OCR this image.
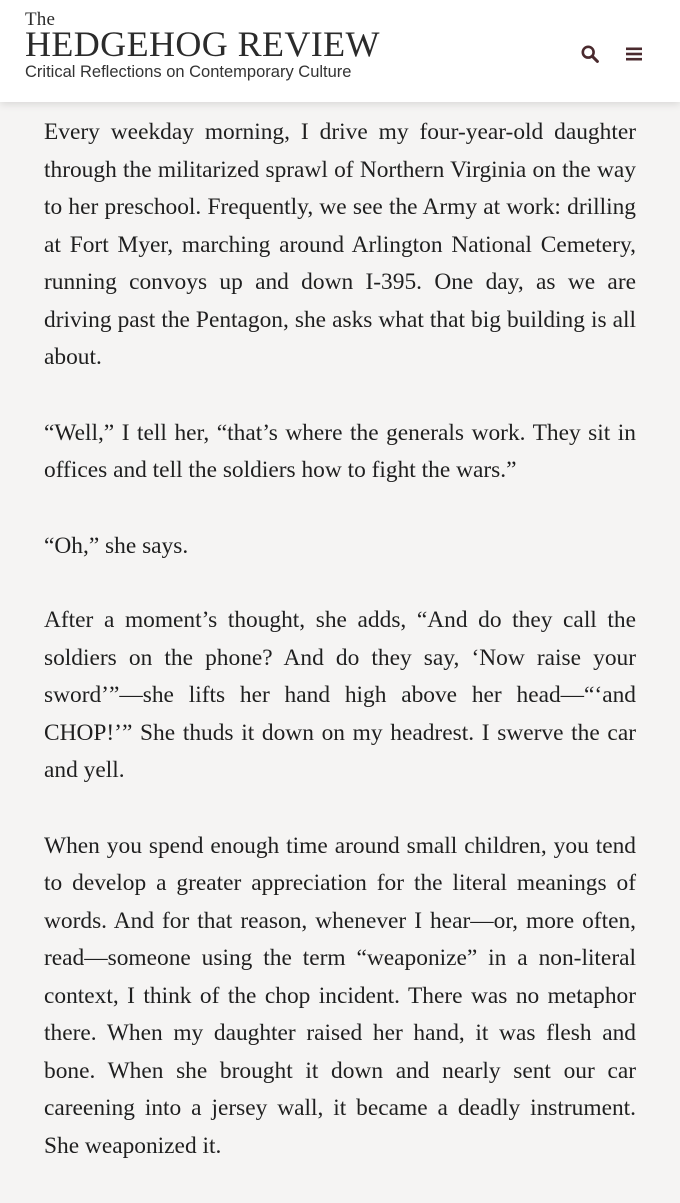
The
HEDGEHOG REVIEW
Critical Reflections on Contemporary Culture

Every weekday morning, I drive my four-year-old daughter through the militarized sprawl of Northern Virginia on the way to her preschool. Frequently, we see the Army at work: drilling at Fort Myer, marching around Arlington National Cemetery, running convoys up and down I-395. One day, as we are driving past the Pentagon, she asks what that big building is all about.

“Well,” I tell her, “that’s where the generals work. They sit in offices and tell the soldiers how to fight the wars.”

“Oh,” she says.

After a moment’s thought, she adds, “And do they call the soldiers on the phone? And do they say, ‘Now raise your sword’”—she lifts her hand high above her head—“‘and CHOP!’” She thuds it down on my headrest. I swerve the car and yell.

When you spend enough time around small children, you tend to develop a greater appreciation for the literal meanings of words. And for that reason, whenever I hear—or, more often, read—someone using the term “weaponize” in a non-literal context, I think of the chop incident. There was no metaphor there. When my daughter raised her hand, it was flesh and bone. When she brought it down and nearly sent our car careening into a jersey wall, it became a deadly instrument. She weaponized it.
